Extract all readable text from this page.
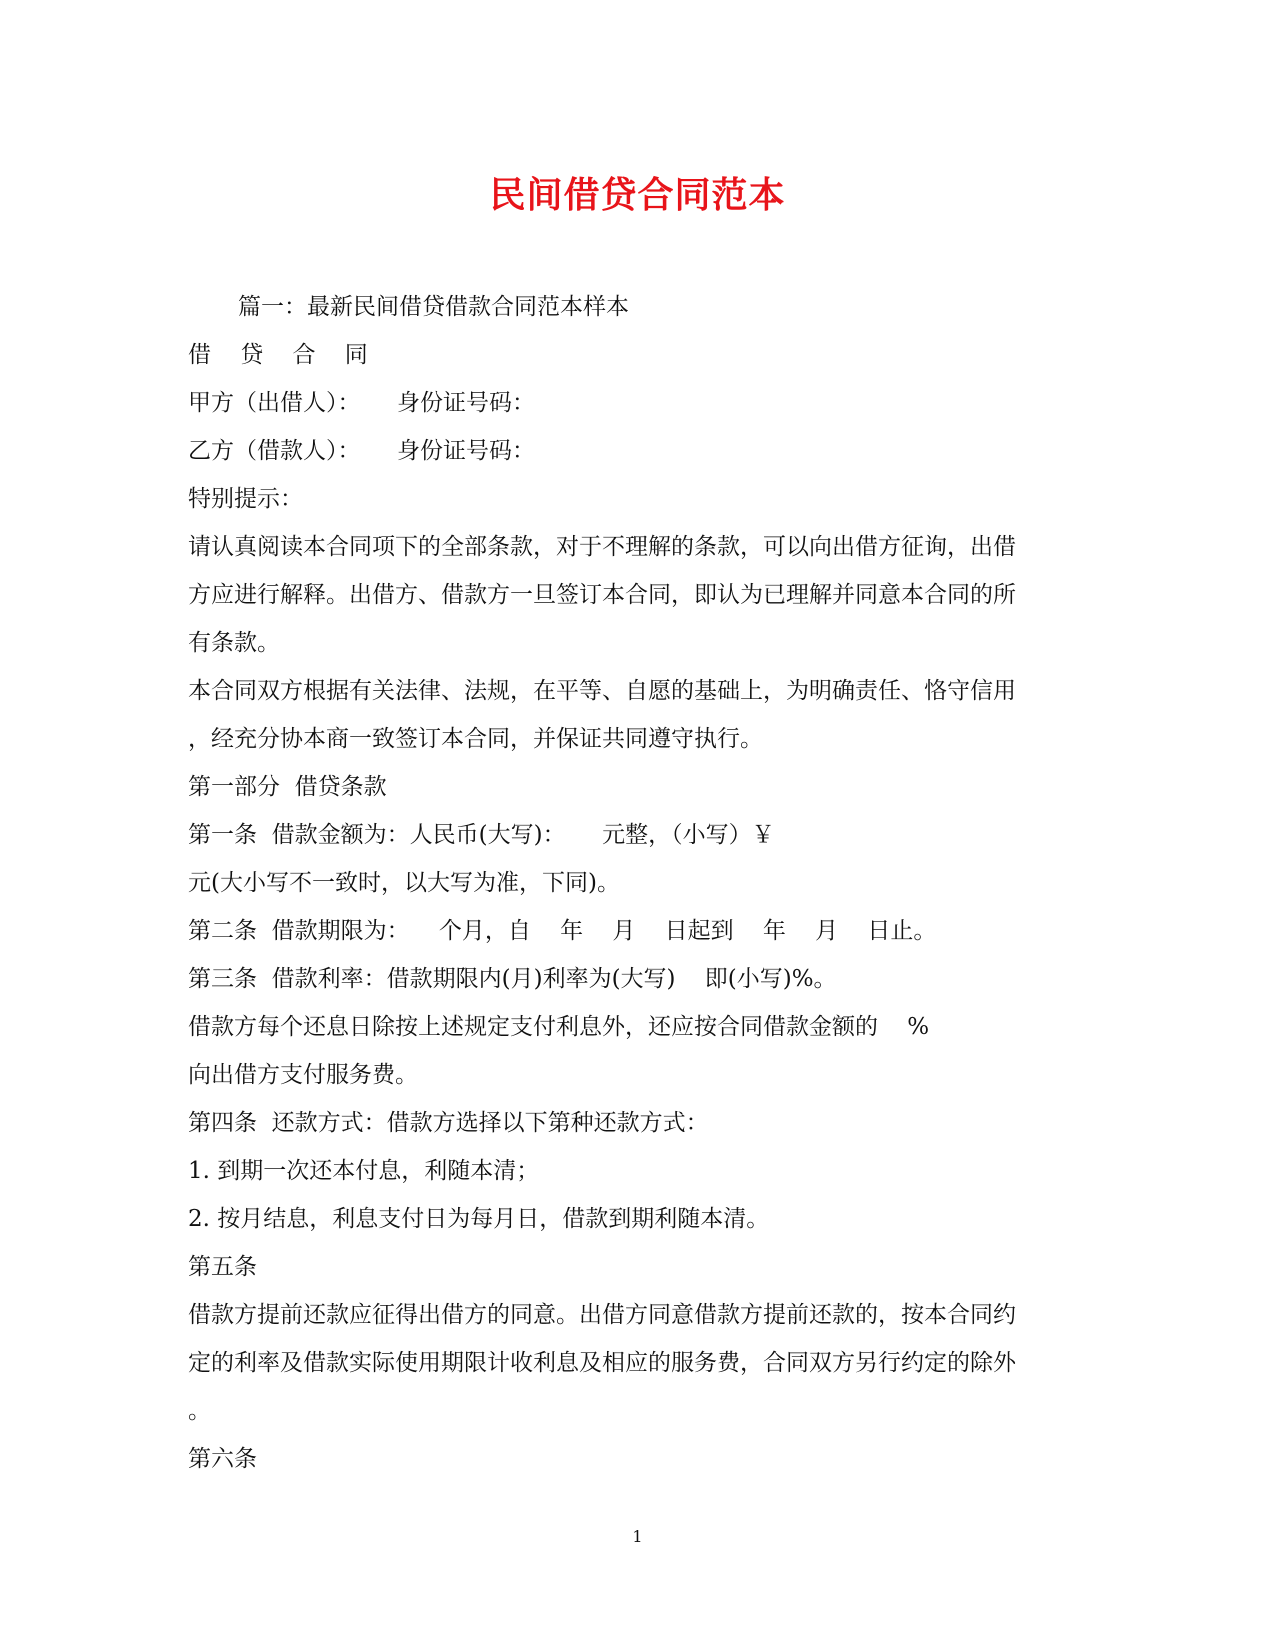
民间借贷合同范本

篇一：最新民间借贷借款合同范本样本

借    贷    合    同

甲方（出借人）：     身份证号码：

乙方（借款人）：     身份证号码：

特别提示：

请认真阅读本合同项下的全部条款，对于不理解的条款，可以向出借方征询，出借

方应进行解释。出借方、借款方一旦签订本合同，即认为已理解并同意本合同的所

有条款。

本合同双方根据有关法律、法规，在平等、自愿的基础上，为明确责任、恪守信用

，经充分协本商一致签订本合同，并保证共同遵守执行。

第一部分  借贷条款

第一条  借款金额为：人民币(大写)：     元整，（小写）￥

元(大小写不一致时，以大写为准，下同)。

第二条  借款期限为：    个月，自    年    月    日起到    年    月    日止。

第三条  借款利率：借款期限内(月)利率为(大写)    即(小写)%。

借款方每个还息日除按上述规定支付利息外，还应按合同借款金额的    %

向出借方支付服务费。

第四条  还款方式：借款方选择以下第种还款方式：

1. 到期一次还本付息，利随本清；

2. 按月结息，利息支付日为每月日，借款到期利随本清。

第五条

借款方提前还款应征得出借方的同意。出借方同意借款方提前还款的，按本合同约

定的利率及借款实际使用期限计收利息及相应的服务费，合同双方另行约定的除外

。

第六条

1
